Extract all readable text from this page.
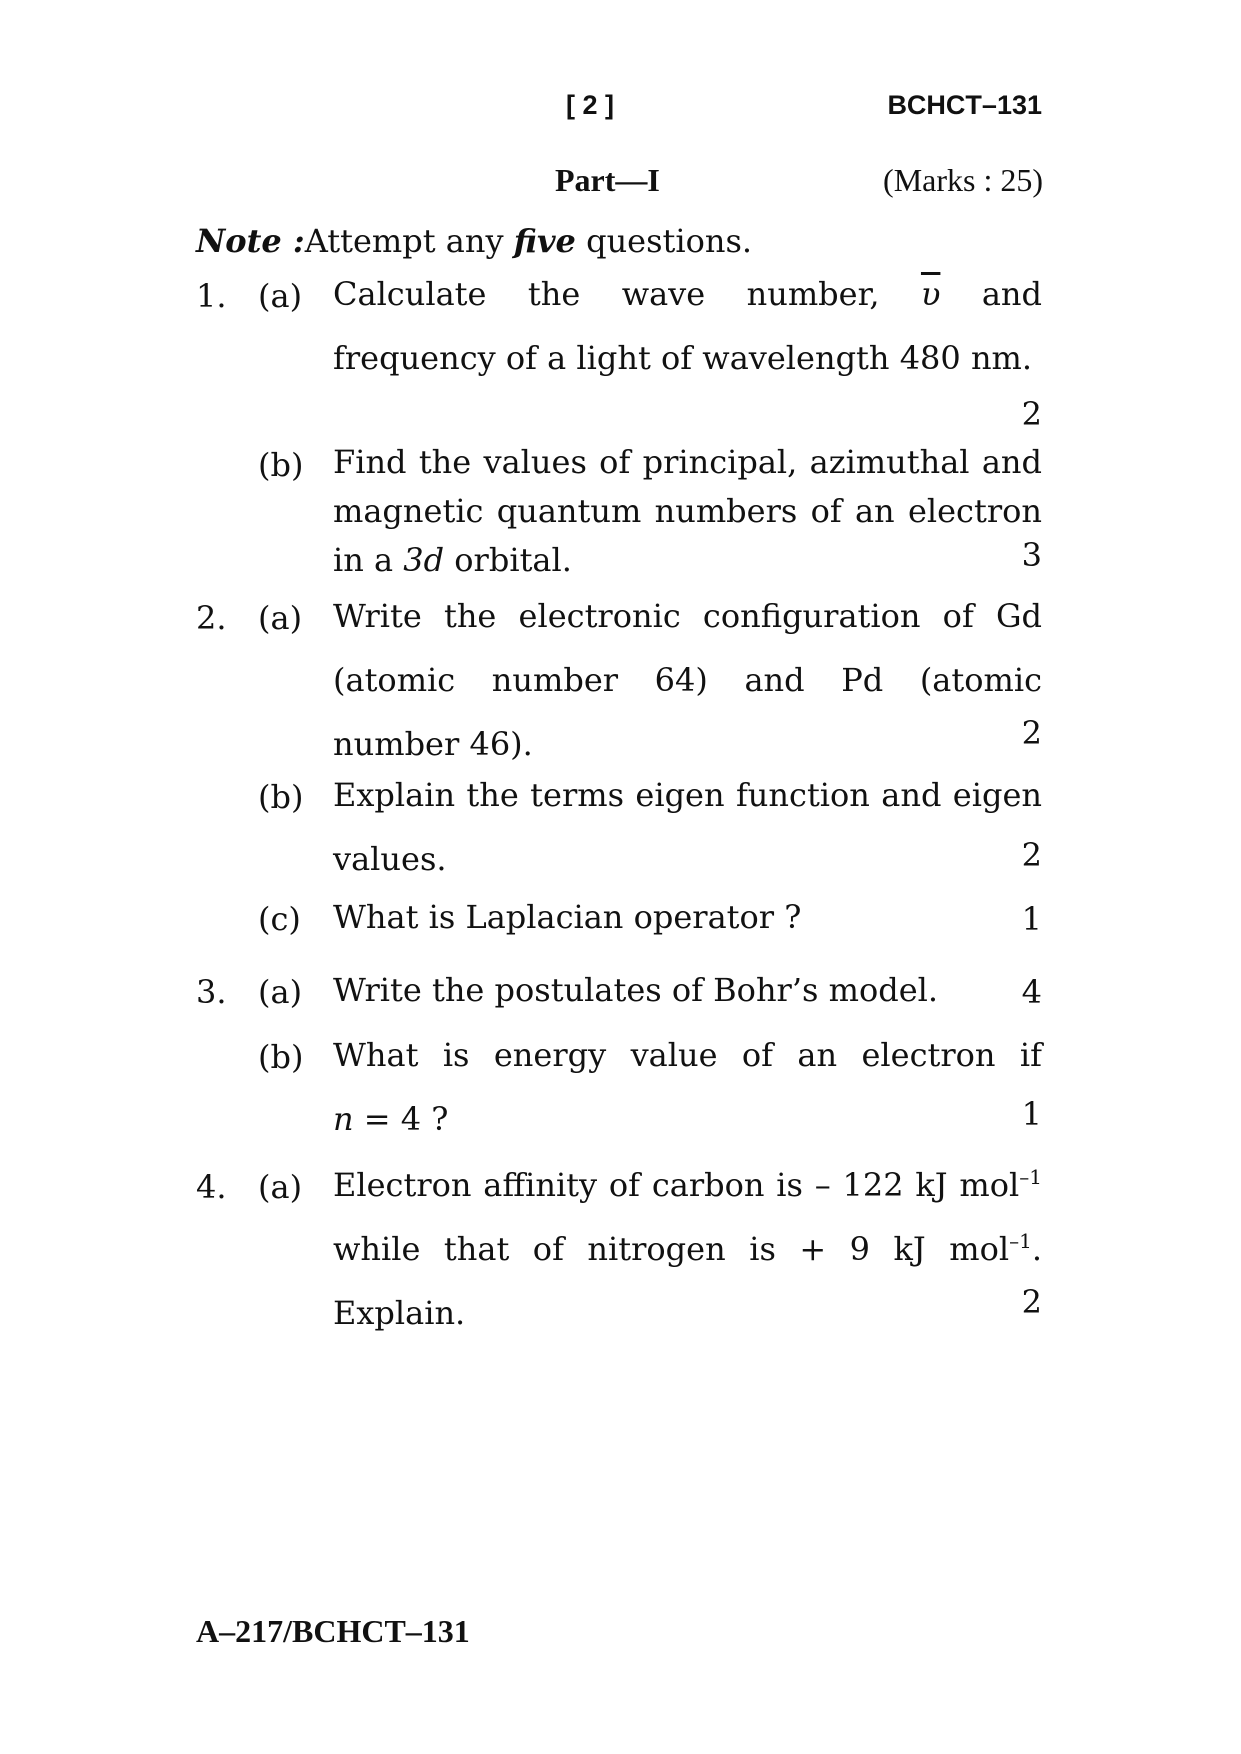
[ 2 ]	BCHCT–131
Part—I	(Marks : 25)
Note :Attempt any five questions.
1. (a) Calculate the wave number, $\overline{\upsilon}$ and
frequency of a light of wavelength 480 nm.
2
(b) Find the values of principal, azimuthal and
magnetic quantum numbers of an electron
in a 3d orbital.	3
2. (a) Write the electronic configuration of Gd
(atomic number 64) and Pd (atomic
number 46).	2
(b) Explain the terms eigen function and eigen
values.	2
(c) What is Laplacian operator ?	1
3. (a) Write the postulates of Bohr’s model.	4
(b) What is energy value of an electron if
n = 4 ?	1
4. (a) Electron affinity of carbon is – 122 kJ mol$^{-1}$
while that of nitrogen is + 9 kJ mol$^{-1}$.
Explain.	2
A–217/BCHCT–131
